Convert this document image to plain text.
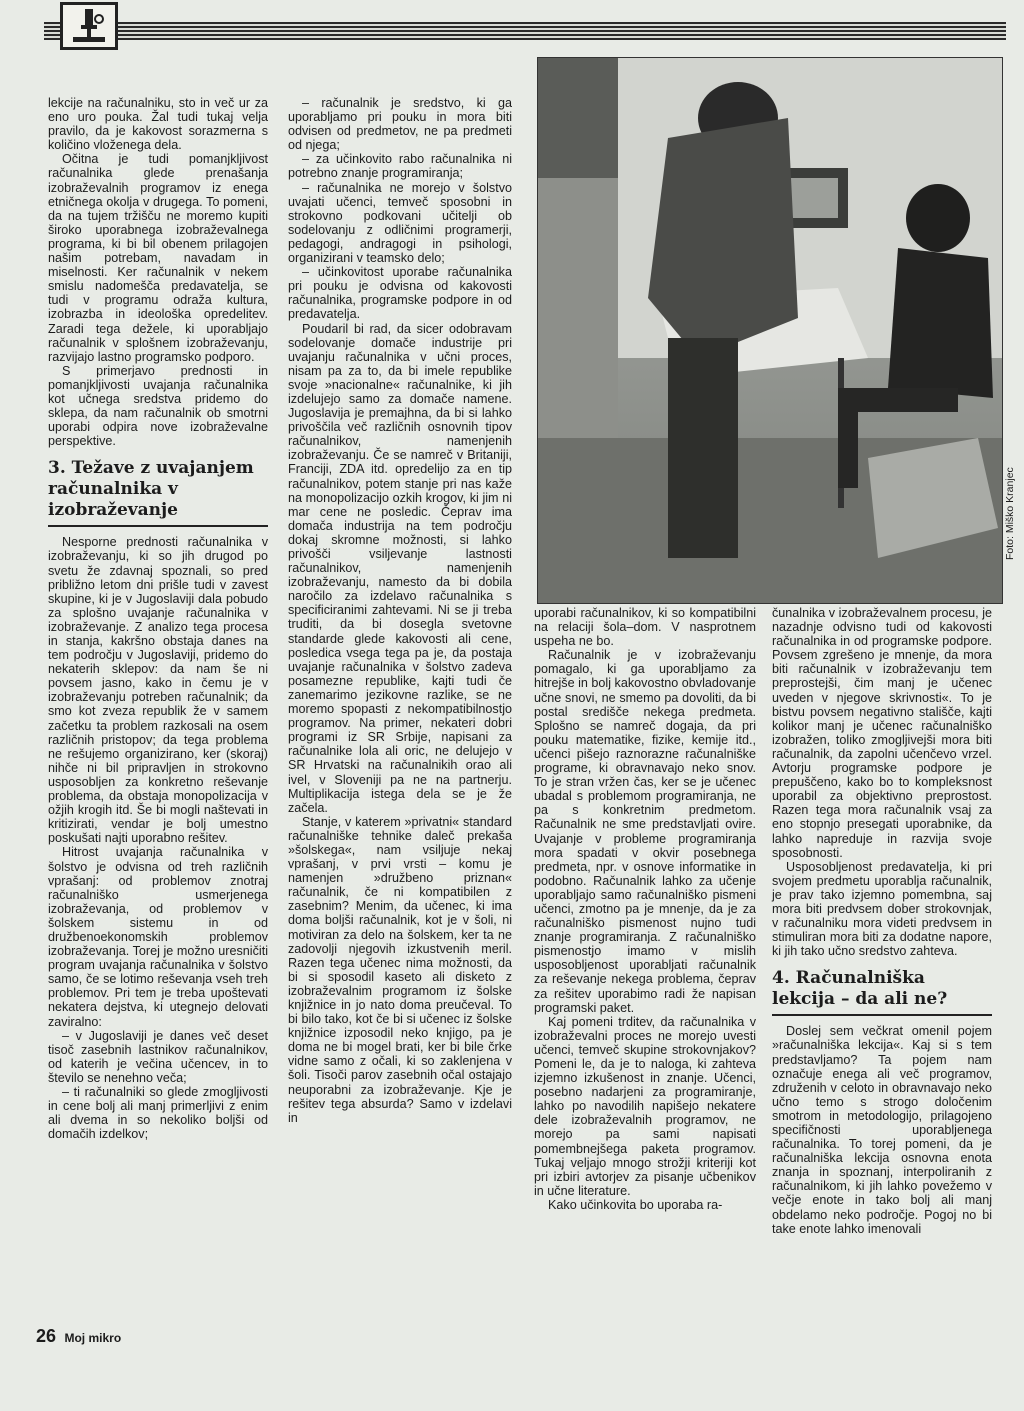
lekcije na računalniku, sto in več ur za eno uro pouka. Žal tudi tukaj velja pravilo, da je kakovost sorazmerna s količino vloženega dela.

Očitna je tudi pomanjkljivost računalnika glede prenašanja izobraževalnih programov iz enega etničnega okolja v drugega. To pomeni, da na tujem tržišču ne moremo kupiti široko uporabnega izobraževalnega programa, ki bi bil obenem prilagojen našim potrebam, navadam in miselnosti. Ker računalnik v nekem smislu nadomešča predavatelja, se tudi v programu odraža kultura, izobrazba in ideološka opredelitev. Zaradi tega dežele, ki uporabljajo računalnik v splošnem izobraževanju, razvijajo lastno programsko podporo.

S primerjavo prednosti in pomanjkljivosti uvajanja računalnika kot učnega sredstva pridemo do sklepa, da nam računalnik ob smotrni uporabi odpira nove izobraževalne perspektive.

3. Težave z uvajanjem računalnika v izobraževanje

Nesporne prednosti računalnika v izobraževanju, ki so jih drugod po svetu že zdavnaj spoznali, so pred približno letom dni prišle tudi v zavest skupine, ki je v Jugoslaviji dala pobudo za splošno uvajanje računalnika v izobraževanje. Z analizo tega procesa in stanja, kakršno obstaja danes na tem področju v Jugoslaviji, pridemo do nekaterih sklepov: da nam še ni povsem jasno, kako in čemu je v izobraževanju potreben računalnik; da smo kot zveza republik že v samem začetku ta problem razkosali na osem različnih pristopov; da tega problema ne rešujemo organizirano, ker (skoraj) nihče ni bil pripravljen in strokovno usposobljen za konkretno reševanje problema, da obstaja monopolizacija v ožjih krogih itd. Še bi mogli naštevati in kritizirati, vendar je bolj umestno poskušati najti uporabno rešitev.

Hitrost uvajanja računalnika v šolstvo je odvisna od treh različnih vprašanj: od problemov znotraj računalniško usmerjenega izobraževanja, od problemov v šolskem sistemu in od družbenoekonomskih problemov izobraževanja. Torej je možno uresničiti program uvajanja računalnika v šolstvo samo, če se lotimo reševanja vseh treh problemov. Pri tem je treba upoštevati nekatera dejstva, ki utegnejo delovati zaviralno:

– v Jugoslaviji je danes več deset tisoč zasebnih lastnikov računalnikov, od katerih je večina učencev, in to število se nenehno veča;

– ti računalniki so glede zmogljivosti in cene bolj ali manj primerljivi z enim ali dvema in so nekoliko boljši od domačih izdelkov;

– računalnik je sredstvo, ki ga uporabljamo pri pouku in mora biti odvisen od predmetov, ne pa predmeti od njega;

– za učinkovito rabo računalnika ni potrebno znanje programiranja;

– računalnika ne morejo v šolstvo uvajati učenci, temveč sposobni in strokovno podkovani učitelji ob sodelovanju z odličnimi programerji, pedagogi, andragogi in psihologi, organizirani v teamsko delo;

– učinkovitost uporabe računalnika pri pouku je odvisna od kakovosti računalnika, programske podpore in od predavatelja.

Poudaril bi rad, da sicer odobravam sodelovanje domače industrije pri uvajanju računalnika v učni proces, nisam pa za to, da bi imele republike svoje »nacionalne« računalnike, ki jih izdelujejo samo za domače namene. Jugoslavija je premajhna, da bi si lahko privoščila več različnih osnovnih tipov računalnikov, namenjenih izobraževanju. Če se namreč v Britaniji, Franciji, ZDA itd. opredelijo za en tip računalnikov, potem stanje pri nas kaže na monopolizacijo ozkih krogov, ki jim ni mar cene ne posledic. Čeprav ima domača industrija na tem področju dokaj skromne možnosti, si lahko privošči vsiljevanje lastnosti računalnikov, namenjenih izobraževanju, namesto da bi dobila naročilo za izdelavo računalnika s specificiranimi zahtevami. Ni se ji treba truditi, da bi dosegla svetovne standarde glede kakovosti ali cene, posledica vsega tega pa je, da postaja uvajanje računalnika v šolstvo zadeva posamezne republike, kajti tudi če zanemarimo jezikovne razlike, se ne moremo spopasti z nekompatibilnostjo programov. Na primer, nekateri dobri programi iz SR Srbije, napisani za računalnike lola ali oric, ne delujejo v SR Hrvatski na računalnikih orao ali ivel, v Sloveniji pa ne na partnerju. Multiplikacija istega dela se je že začela.

Stanje, v katerem »privatni« standard računalniške tehnike daleč prekaša »šolskega«, nam vsiljuje nekaj vprašanj, v prvi vrsti – komu je namenjen »družbeno priznan« računalnik, če ni kompatibilen z zasebnim? Menim, da učenec, ki ima doma boljši računalnik, kot je v šoli, ni motiviran za delo na šolskem, ker ta ne zadovolji njegovih izkustvenih meril. Razen tega učenec nima možnosti, da bi si sposodil kaseto ali disketo z izobraževalnim programom iz šolske knjižnice in jo nato doma preučeval. To bi bilo tako, kot če bi si učenec iz šolske knjižnice izposodil neko knjigo, pa je doma ne bi mogel brati, ker bi bile črke vidne samo z očali, ki so zaklenjena v šoli. Tisoči parov zasebnih očal ostajajo neuporabni za izobraževanje. Kje je rešitev tega absurda? Samo v izdelavi in

Foto: Miško Kranjec

uporabi računalnikov, ki so kompatibilni na relaciji šola–dom. V nasprotnem uspeha ne bo.

Računalnik je v izobraževanju pomagalo, ki ga uporabljamo za hitrejše in bolj kakovostno obvladovanje učne snovi, ne smemo pa dovoliti, da bi postal središče nekega predmeta. Splošno se namreč dogaja, da pri pouku matematike, fizike, kemije itd., učenci pišejo raznorazne računalniške programe, ki obravnavajo neko snov. To je stran vržen čas, ker se je učenec ubadal s problemom programiranja, ne pa s konkretnim predmetom. Računalnik ne sme predstavljati ovire. Uvajanje v probleme programiranja mora spadati v okvir posebnega predmeta, npr. v osnove informatike in podobno. Računalnik lahko za učenje uporabljajo samo računalniško pismeni učenci, zmotno pa je mnenje, da je za računalniško pismenost nujno tudi znanje programiranja. Z računalniško pismenostjo imamo v mislih usposobljenost uporabljati računalnik za reševanje nekega problema, čeprav za rešitev uporabimo radi že napisan programski paket.

Kaj pomeni trditev, da računalnika v izobraževalni proces ne morejo uvesti učenci, temveč skupine strokovnjakov? Pomeni le, da je to naloga, ki zahteva izjemno izkušenost in znanje. Učenci, posebno nadarjeni za programiranje, lahko po navodilih napišejo nekatere dele izobraževalnih programov, ne morejo pa sami napisati pomembnejšega paketa programov. Tukaj veljajo mnogo strožji kriteriji kot pri izbiri avtorjev za pisanje učbenikov in učne literature.

Kako učinkovita bo uporaba ra-

čunalnika v izobraževalnem procesu, je nazadnje odvisno tudi od kakovosti računalnika in od programske podpore. Povsem zgrešeno je mnenje, da mora biti računalnik v izobraževanju tem preprostejši, čim manj je učenec uveden v njegove skrivnosti«. To je bistvu povsem negativno stališče, kajti kolikor manj je učenec računalniško izobražen, toliko zmogljivejši mora biti računalnik, da zapolni učenčevo vrzel. Avtorju programske podpore je prepuščeno, kako bo to kompleksnost uporabil za objektivno preprostost. Razen tega mora računalnik vsaj za eno stopnjo presegati uporabnike, da lahko napreduje in razvija svoje sposobnosti.

Usposobljenost predavatelja, ki pri svojem predmetu uporablja računalnik, je prav tako izjemno pomembna, saj mora biti predvsem dober strokovnjak, v računalniku mora videti predvsem in stimuliran mora biti za dodatne napore, ki jih tako učno sredstvo zahteva.

4. Računalniška lekcija – da ali ne?

Doslej sem večkrat omenil pojem »računalniška lekcija«. Kaj si s tem predstavljamo? Ta pojem nam označuje enega ali več programov, združenih v celoto in obravnavajo neko učno temo s strogo določenim smotrom in metodologijo, prilagojeno specifičnosti uporabljenega računalnika. To torej pomeni, da je računalniška lekcija osnovna enota znanja in spoznanj, interpoliranih z računalnikom, ki jih lahko povežemo v večje enote in tako bolj ali manj obdelamo neko področje. Pogoj no bi take enote lahko imenovali

26 Moj mikro
